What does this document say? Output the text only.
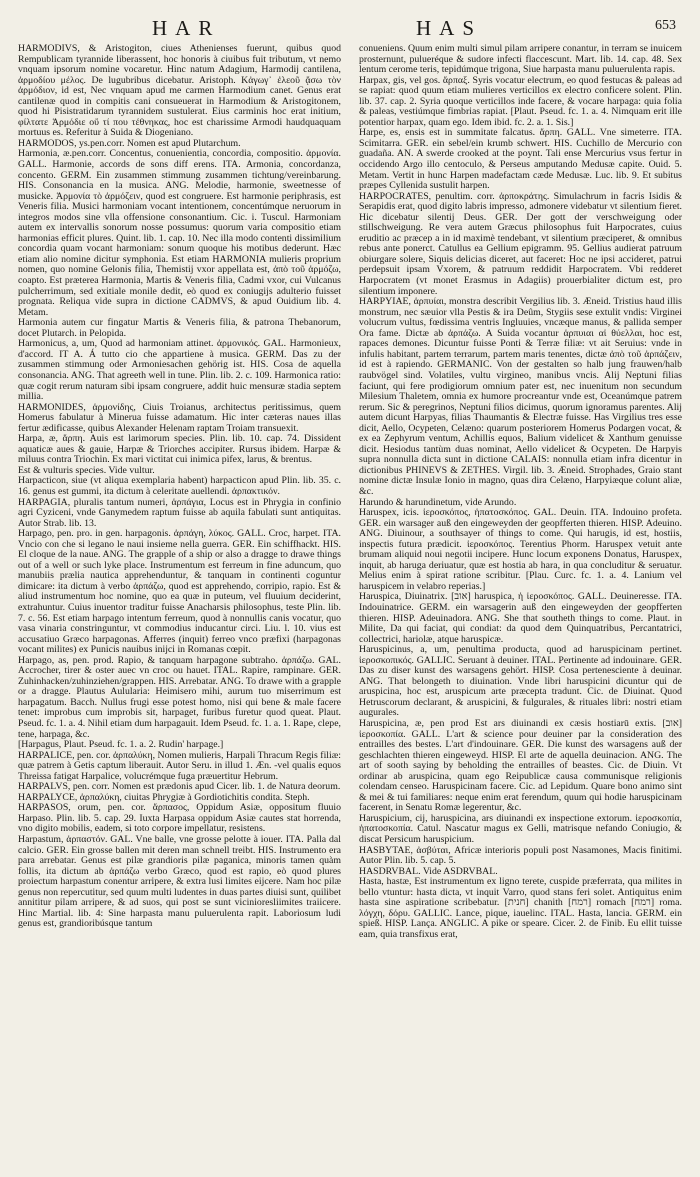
HAR	HAS	653

HARMODIVS, & Aristogiton, ciues Athenienses fuerunt, quibus quod Rempublicam tyrannide liberassent, hoc honoris à ciuibus fuit tributum, vt nemo vnquam ipsorum nomine vocaretur. Hinc natum Adagium, Harmodij cantilena, ἁρμοδίου μέλος. De lugubribus dicebatur. Aristoph. Κἀγωγ᾽ ἐλεοῦ ᾄσω τὸν ἁρμόδιον, id est, Nec vnquam apud me carmen Harmodium canet. Genus erat cantilenæ quod in compitis cani consueuerat in Harmodium & Aristogitonem, quod hi Pisistratidarum tyrannidem sustulerat. Eius carminis hoc erat initium, φίλτατε Ἁρμόδιε οὔ τί που τέθνηκας, hoc est charissime Armodi haudquaquam mortuus es. Referitur à Suida & Diogeniano.

HARMODOS, ys.pen.corr. Nomen est apud Plutarchum.

Harmonia, æ.pen.corr. Concentus, conuenientia, concordia, compositio. ἁρμονία. GALL. Harmonie, accords de sons diff erens. ITA. Armonia, concordanza, concento. GERM. Ein zusammen stimmung zusammen tichtung/vereinbarung. HIS. Consonancia en la musica. ANG. Melodie, harmonie, sweetnesse of musicke. Ἁρμονία τὸ ἁρμόζειν, quod est congruere. Est harmonie periphrasis, est Veneris filia. Musici harmoniam vocant intentionem, concentúmque neruorum in integros modos sine vlla offensione consonantium. Cic. i. Tuscul. Harmoniam autem ex intervallis sonorum nosse possumus: quorum varia compositio etiam harmonias efficit plures. Quint. lib. 1. cap. 10. Nec illa modo contenti dissimilium concordia quam vocant harmoniam: sonum quoque his motibus dederunt. Hæc etiam alio nomine dicitur symphonia. Est etiam HARMONIA mulieris proprium nomen, quo nomine Gelonis filia, Themistij vxor appellata est, ἀπὸ τοῦ ἁρμόζω, coapto. Est præterea Harmonia, Martis & Veneris filia, Cadmi vxor, cui Vulcanus pulcherrimum, sed exitiale monile dedit, eò quod ex coniugijs adulterio fuisset prognata. Reliqua vide supra in dictione CADMVS, & apud Ouidium lib. 4. Metam.

Harmonia autem cur fingatur Martis & Veneris filia, & patrona Thebanorum, docet Plutarch. in Pelopida.

Harmonicus, a, um, Quod ad harmoniam attinet. ἁρμονικός. GAL. Harmonieux, d'accord. IT A. Á tutto cio che appartiene à musica. GERM. Das zu der zusammen stimmung oder Armoniesachen gehörig ist. HIS. Cosa de aquella consonancia. ANG. That agreeth well in tune. Plin. lib. 2. c. 109. Harmonica ratio: quæ cogit rerum naturam sibi ipsam congruere, addit huic mensuræ stadia septem millia.

HARMONIDES, ἁρμονίδης, Ciuis Troianus, architectus peritissimus, quem Homerus fabulatur à Minerua fuisse adamatum. Hic inter cæteras naues illas fertur ædificasse, quibus Alexander Helenam raptam Troiam transuexit.

Harpa, æ, ἅρπη. Auis est larimorum species. Plin. lib. 10. cap. 74. Dissident aquaticæ aues & gauie, Harpæ & Triorches accipiter. Rursus ibidem. Harpæ & miluus contra Triochin. Ex mari victitat cui inimica pifex, larus, & brentus.

Est & vulturis species. Vide vultur.

Harpacticon, siue (vt aliqua exemplaria habent) harpacticon apud Plin. lib. 35. c. 16. genus est gummi, ita dictum à celeritate auellendi. ἁρπακτικόν.

HARPAGIA, pluralis tantum numeri, ἁρπάγια, Locus est in Phrygia in confinio agri Cyziceni, vnde Ganymedem raptum fuisse ab aquila fabulati sunt antiquitas. Autor Strab. lib. 13.

Harpago, pen. pro. in gen. harpagonis. ἁρπάγη, λύκος. GALL. Croc, harpet. ITA. Vncio con che si legano le naui insieme nella guerra. GER. Ein schiffhackt. HIS. El cloque de la naue. ANG. The grapple of a ship or also a dragge to drawe things out of a well or such lyke place. Instrumentum est ferreum in fine aduncum, quo manubiis prælia nautica apprehenduntur, & tanquam in continenti coguntur dimicare: ita dictum à verbo ἁρπάζω, quod est apprehendo, corripio, rapio. Est & aliud instrumentum hoc nomine, quo ea quæ in puteum, vel fluuium deciderint, extrahuntur. Cuius inuentor traditur fuisse Anacharsis philosophus, teste Plin. lib. 7. c. 56. Est etiam harpago intentum ferreum, quod à nonnullis canis vocatur, quo vasa vinaria constringuntur, vt commodius inducantur circi. Liu. l. 10. vius est accusatiuo Græco harpagonas. Afferres (inquit) ferreo vnco præfixi (harpagonas vocant milites) ex Punicis nauibus inijci in Romanas cœpit.

Harpago, as, pen. prod. Rapio, & tanquam harpagone subtraho. ἁρπάζω. GAL. Accrocher, tirer & oster auec vn croc ou hauet. ITAL. Rapire, rampinare. GER. Zuhinhacken/zuhinziehen/grappen. HIS. Arrebatar. ANG. To drawe with a grapple or a dragge. Plautus Aulularia: Heimisero mihi, aurum tuo miserrimum est harpagatum. Bacch. Nullus frugi esse potest homo, nisi qui bene & male facere tenet: improbus cum improbis sit, harpaget, furibus furetur quod queat. Plaut. Pseud. fc. 1. a. 4. Nihil etiam dum harpagauit. Idem Pseud. fc. 1. a. 1. Rape, clepe, tene, harpaga, &c.

[Harpagus, Plaut. Pseud. fc. 1. a. 2. Rudin' harpage.]

HARPALICE, pen. cor. ἁρπαλύκη, Nomen mulieris, Harpali Thracum Regis filiæ: quæ patrem à Getis captum liberauit. Autor Seru. in illud 1. Æn. -vel qualis equos Threissa fatigat Harpalice, volucrémque fuga præuertitur Hebrum.

HARPALVS, pen. corr. Nomen est prædonis apud Cicer. lib. 1. de Natura deorum.

HARPALYCE, ἁρπαλύκη, ciuitas Phrygiæ à Gordiotichitis condita. Steph.

HARPASOS, orum, pen. cor. ἅρπασος, Oppidum Asiæ, oppositum fluuio Harpaso. Plin. lib. 5. cap. 29. Iuxta Harpasa oppidum Asiæ cautes stat horrenda, vno digito mobilis, eadem, si toto corpore impellatur, resistens.

Harpastum, ἁρπαστόν. GAL. Vne balle, vne grosse pelotte à iouer. ITA. Palla dal calcio. GER. Ein grosse ballen mit deren man schnell treibt. HIS. Instrumento era para arrebatar. Genus est pilæ grandioris pilæ paganica, minoris tamen quàm follis, ita dictum ab ἁρπάζω verbo Græco, quod est rapio, eò quod plures proiectum harpastum conentur arripere, & extra lusi limites eijcere. Nam hoc pilæ genus non repercutitur, sed quum multi ludentes in duas partes diuisi sunt, quilibet annititur pilam arripere, & ad suos, qui post se sunt vicinioresliimites traiicere. Hinc Martial. lib. 4: Sine harpasta manu puluerulenta rapit. Laboriosum ludi genus est, grandioribúsque tantum

conueniens. Quum enim multi simul pilam arripere conantur, in terram se inuicem prosternunt, pulueréque & sudore infecti flaccescunt. Mart. lib. 14. cap. 48. Sex lentum cerome teris, tepidúmque trigona, Siue harpasta manu puluerulenta rapis.

Harpax, gis, vel gos. ἅρπαξ. Syris vocatur electrum, eo quod festucas & paleas ad se rapiat: quod quum etiam mulieres verticillos ex electro conficere solent. Plin. lib. 37. cap. 2. Syria quoque verticillos inde facere, & vocare harpaga: quia folia & paleas, vestiúmque fimbrias rapiat. [Plaut. Pseud. fc. 1. a. 4. Nimquam erit ille potentior harpax, quam ego. Idem ibid. fc. 2. a. 1. Sis.]

Harpe, es, ensis est in summitate falcatus. ἅρπη. GALL. Vne simeterre. ITA. Scimitarra. GER. ein sebel/ein krumb schwert. HIS. Cuchillo de Mercurio con guadaña. AN. A swerde crooked at the poynt. Tali ense Mercurius vsus fertur in occidendo Argo illo centoculo, & Perseus amputando Medusæ capite. Ouid. 5. Metam. Vertit in hunc Harpen madefactam cæde Medusæ. Luc. lib. 9. Et subitus præpes Cyllenida sustulit harpen.

HARPOCRATES, penultim. corr. ἁρποκράτης. Simulachrum in facris Isidis & Serapidis erat, quod digito labris impresso, admonere videbatur vt silentium fieret. Hic dicebatur silentij Deus. GER. Der gott der verschweigung oder stillschweigung. Re vera autem Græcus philosophus fuit Harpocrates, cuius eruditio ac præcep a in id maximè tendebant, vt silentium præciperet, & omnibus rebus ante ponerct. Catullus ea Gellium epigramm. 95. Gellius audierat patruum obiurgare solere, Siquis delicias diceret, aut faceret: Hoc ne ipsi accideret, patrui perdepsuit ipsam Vxorem, & patruum reddidit Harpocratem. Vbi redderet Harpocratem (vt monet Erasmus in Adagiis) prouerbialiter dictum est, pro silentium imponere.

HARPYIAE, ἁρπυίαι, monstra describit Vergilius lib. 3. Æneid. Tristius haud illis monstrum, nec sæuior vlla Pestis & ira Deûm, Stygiis sese extulit vndis: Virginei volucrum vultus, fœdissima ventris Ingluuies, vncæque manus, & pallida semper Ora fame. Dictæ ab ἁρπάζω. A Suida vocantur ἁρπυιαι αἱ θύελλαι, hoc est, rapaces demones. Dicuntur fuisse Ponti & Terræ filiæ: vt ait Seruius: vnde in infulis habitant, partem terrarum, partem maris tenentes, dictæ ἀπὸ τοῦ ἁρπάζειν, id est à rapiendo. GERMANIC. Von der gestalten so halb jung frauwen/halb raubvögel sind. Volatiles, vultu virgineo, manibus vncis. Alij Neptuni filias faciunt, qui fere prodigiorum omnium pater est, nec inuenitum non secundum Milesium Thaletem, omnia ex humore procreantur vnde est, Oceanúmque patrem rerum. Sic & peregrinos, Neptuni filios dicimus, quorum ignoramus parentes. Alij autem dicunt Harpyas, filias Thaumantis & Electræ fuisse. Has Virgilius tres esse dicit, Aello, Ocypeten, Celæno: quarum posteriorem Homerus Podargen vocat, & ex ea Zephyrum ventum, Achillis equos, Balium videlicet & Xanthum genuisse dicit. Hesiodus tantùm duas nominat, Aello videlicet & Ocypeten. De Harpyis supra nonnulla dicta sunt in dictione CALAIS: nonnulla etiam infra dicentur in dictionibus PHINEVS & ZETHES. Virgil. lib. 3. Æneid. Strophades, Graio stant nomine dictæ Insulæ Ionio in magno, quas dira Celæno, Harpyiæque colunt aliæ, &c.

Harundo & harundinetum, vide Arundo.

Haruspex, icis. ἱεροσκόπος, ἡπατοσκόπος. GAL. Deuin. ITA. Indouino profeta. GER. ein warsager auß den eingeweyden der geopfferten thieren. HISP. Adeuino. ANG. Diuinour, a southsayer of things to come. Qui harugis, id est, hostiis, inspectis futura prædicit. ἱεροσκόπος. Terentius Phorm. Haruspex vetuit ante brumam aliquid noui negotii incipere. Hunc locum exponens Donatus, Haruspex, inquit, ab haruga deriuatur, quæ est hostia ab hara, in qua concluditur & seruatur. Melius enim à spirat ratione scribitur. [Plau. Curc. fc. 1. a. 4. Lanium vel haruspicem in velabro reperias.]

Haruspica, Diuinatrix. [אוב] haruspica, ἡ ἱεροσκόπος. GALL. Deuineresse. ITA. Indouinatrice. GERM. ein warsagerin auß den eingeweyden der geopfferten thieren. HISP. Adeuinadora. ANG. She that southeth things to come. Plaut. in Milite, Da qui faciat, qui condiat: da quod dem Quinquatribus, Percantatrici, collectrici, hariolæ, atque haruspicæ.

Haruspicinus, a, um, penultima producta, quod ad haruspicinam pertinet. ἱεροσκοπικός. GALLIC. Seruant à deuiner. ITAL. Pertinente ad indouinare. GER. Das zu diser kunst des warsagens gehört. HISP. Cosa pertenesciente à deuinar. ANG. That belongeth to diuination. Vnde libri haruspicini dicuntur qui de aruspicina, hoc est, aruspicum arte præcepta tradunt. Cic. de Diuinat. Quod Hetruscorum declarant, & aruspicini, & fulgurales, & rituales libri: nostri etiam augurales.

Haruspicina, æ, pen prod Est ars diuinandi ex cæsis hostiarū extis. [אוב] ἱεροσκοπία. GALL. L'art & science pour deuiner par la consideration des entrailles des bestes. L'art d'indouinare. GER. Die kunst des warsagens auß der geschlachten thieren eingeweyd. HISP. El arte de aquella deuinacion. ANG. The art of sooth saying by beholding the entrailles of beastes. Cic. de Diuin. Vt ordinar ab aruspicina, quam ego Reipublicæ causa communisque religionis colendam censeo. Haruspicinam facere. Cic. ad Lepidum. Quare bono animo sint & mei & tui familiares: neque enim erat ferendum, quum qui hodie haruspicinam facerent, in Senatu Romæ legerentur, &c.

Haruspicium, cij, haruspicina, ars diuinandi ex inspectione extorum. ἱεροσκοπία, ἡπατοσκοπία. Catul. Nascatur magus ex Gelli, matrisque nefando Coniugio, & discat Persicum haruspicium.

HASBYTAE, ἀσβύται, Africæ interioris populi post Nasamones, Macis finitimi. Autor Plin. lib. 5. cap. 5.

HASDRVBAL. Vide ASDRVBAL.

Hasta, hastæ, Est instrumentum ex ligno terete, cuspide præferrata, qua milites in bello vtuntur: hasta dicta, vt inquit Varro, quod stans feri solet. Antiquitus enim hasta sine aspiratione scribebatur. [חנית] chanith [רמח] romach [רמח] roma. λόγχη, δόρυ. GALLIC. Lance, pique, iauelinc. ITAL. Hasta, lancia. GERM. ein spieß. HISP. Lança. ANGLIC. A pike or speare. Cicer. 2. de Finib. Eu ellit tuisse eam, quia transfixus erat,
